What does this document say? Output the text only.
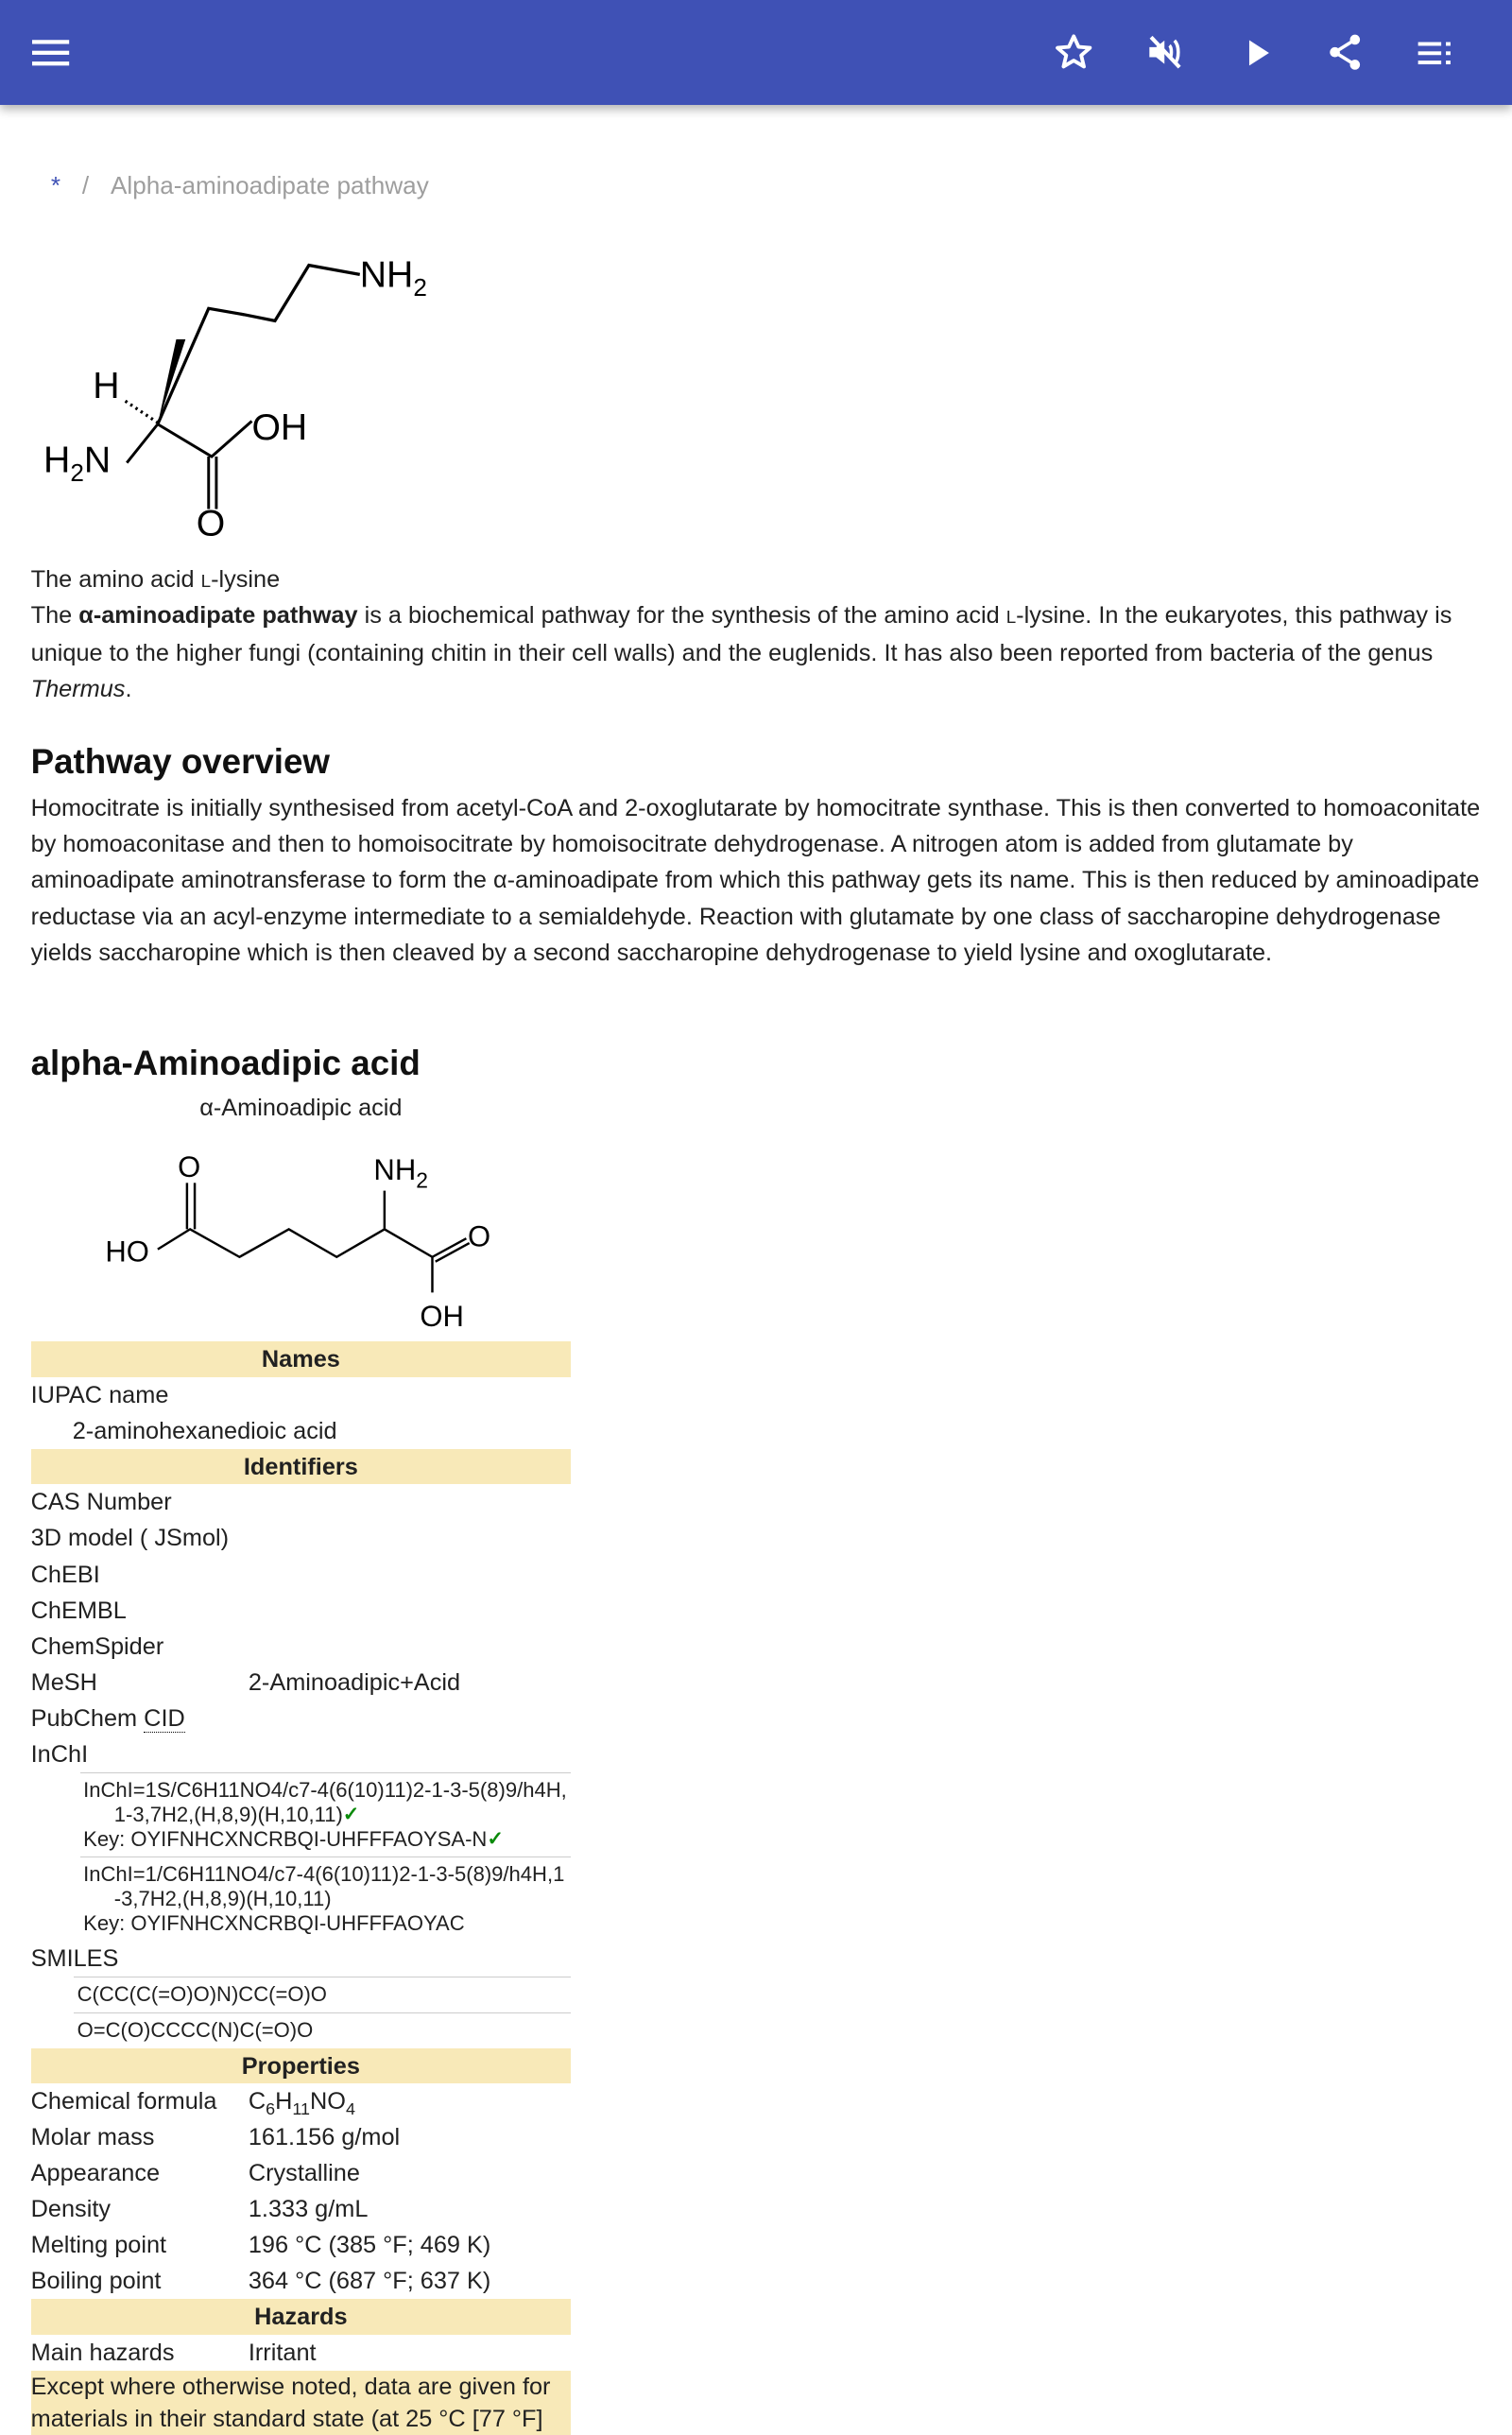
* / Alpha-aminoadipate pathway
$NH_2$
H
$H_2N$
OH
O

The amino acid L-lysine

The α-aminoadipate pathway is a biochemical pathway for the synthesis of the amino acid L-lysine. In the eukaryotes, this pathway is unique to the higher fungi (containing chitin in their cell walls) and the euglenids. It has also been reported from bacteria of the genus Thermus.

Pathway overview

Homocitrate is initially synthesised from acetyl-CoA and 2-oxoglutarate by homocitrate synthase. This is then converted to homoaconitate by homoaconitase and then to homoisocitrate by homoisocitrate dehydrogenase. A nitrogen atom is added from glutamate by aminoadipate aminotransferase to form the α-aminoadipate from which this pathway gets its name. This is then reduced by aminoadipate reductase via an acyl-enzyme intermediate to a semialdehyde. Reaction with glutamate by one class of saccharopine dehydrogenase yields saccharopine which is then cleaved by a second saccharopine dehydrogenase to yield lysine and oxoglutarate.

alpha-Aminoadipic acid
α-Aminoadipic acid
O	$NH_2$
HO	O
OH
Names
IUPAC name
2-aminohexanedioic acid
Identifiers
CAS Number
3D model ( JSmol)
ChEBI
ChEMBL
ChemSpider
MeSH	2-Aminoadipic+Acid
PubChem CID
InChI
InChI=1S/C6H11NO4/c7-4(6(10)11)2-1-3-5(8)9/h4H,
1-3,7H2,(H,8,9)(H,10,11)✓
Key: OYIFNHCXNCRBQI-UHFFFAOYSA-N✓
InChI=1/C6H11NO4/c7-4(6(10)11)2-1-3-5(8)9/h4H,1
-3,7H2,(H,8,9)(H,10,11)
Key: OYIFNHCXNCRBQI-UHFFFAOYAC
SMILES
C(CC(C(=O)O)N)CC(=O)O
O=C(O)CCCC(N)C(=O)O
Properties
Chemical formula	$C_6H_{11}NO_4$
Molar mass	161.156 g/mol
Appearance	Crystalline
Density	1.333 g/mL
Melting point	196 °C (385 °F; 469 K)
Boiling point	364 °C (687 °F; 637 K)
Hazards
Main hazards	Irritant
Except where otherwise noted, data are given for materials in their standard state (at 25 °C [77 °F]
